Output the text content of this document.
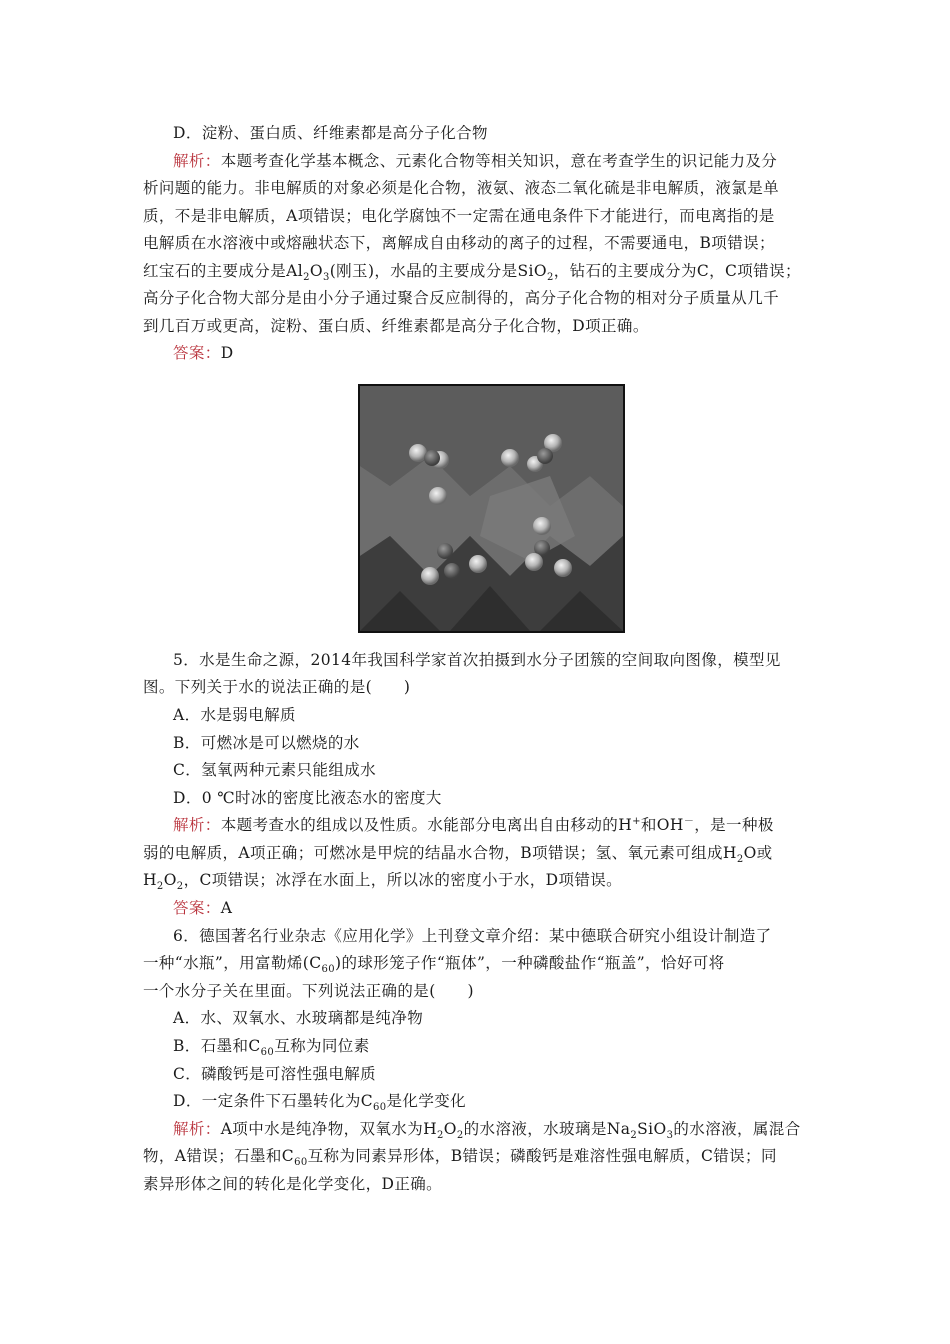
D．淀粉、蛋白质、纤维素都是高分子化合物
解析：本题考查化学基本概念、元素化合物等相关知识，意在考查学生的识记能力及分
析问题的能力。非电解质的对象必须是化合物，液氨、液态二氧化硫是非电解质，液氯是单
质，不是非电解质，A项错误；电化学腐蚀不一定需在通电条件下才能进行，而电离指的是
电解质在水溶液中或熔融状态下，离解成自由移动的离子的过程，不需要通电，B项错误；
红宝石的主要成分是$Al_2O_3$(刚玉)，水晶的主要成分是SiO$_2$，钻石的主要成分为C，C项错误；
高分子化合物大部分是由小分子通过聚合反应制得的，高分子化合物的相对分子质量从几千
到几百万或更高，淀粉、蛋白质、纤维素都是高分子化合物，D项正确。
答案：D
5．水是生命之源，2014年我国科学家首次拍摄到水分子团簇的空间取向图像，模型见
图。下列关于水的说法正确的是(　　)
A．水是弱电解质
B．可燃冰是可以燃烧的水
C．氢氧两种元素只能组成水
D．0 ℃时冰的密度比液态水的密度大
解析：本题考查水的组成以及性质。水能部分电离出自由移动的H+和OH－，是一种极
弱的电解质，A项正确；可燃冰是甲烷的结晶水合物，B项错误；氢、氧元素可组成$H_2O$或
$H_2O_2$，C项错误；冰浮在水面上，所以冰的密度小于水，D项错误。
答案：A
6．德国著名行业杂志《应用化学》上刊登文章介绍：某中德联合研究小组设计制造了
一种“水瓶”，用富勒烯$(C_{60})$的球形笼子作“瓶体”，一种磷酸盐作“瓶盖”，恰好可将
一个水分子关在里面。下列说法正确的是(　　)
A．水、双氧水、水玻璃都是纯净物
B．石墨和$C_{60}$互称为同位素
C．磷酸钙是可溶性强电解质
D．一定条件下石墨转化为$C_{60}$是化学变化
解析：A项中水是纯净物，双氧水为$H_2O_2$的水溶液，水玻璃是$Na_2SiO_3$的水溶液，属混合
物，A错误；石墨和$C_{60}$互称为同素异形体，B错误；磷酸钙是难溶性强电解质，C错误；同
素异形体之间的转化是化学变化，D正确。
